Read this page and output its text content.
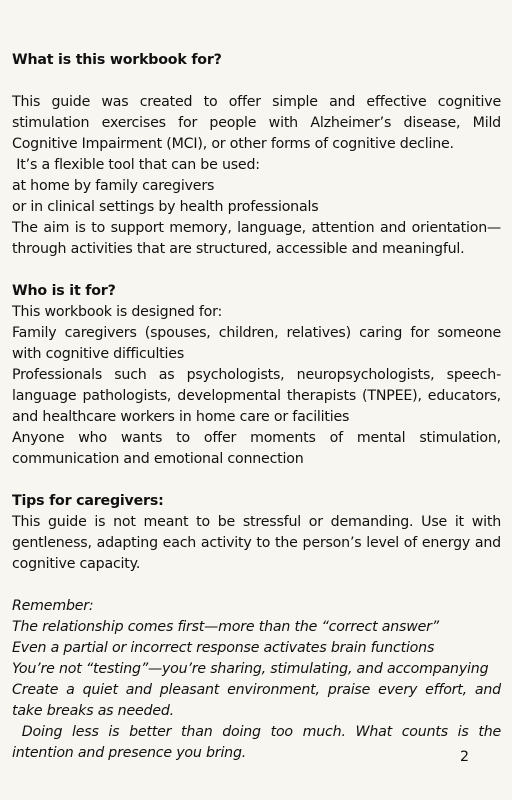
What is this workbook for?

This guide was created to offer simple and effective cognitive stimulation exercises for people with Alzheimer’s disease, Mild Cognitive Impairment (MCI), or other forms of cognitive decline.

It’s a flexible tool that can be used:

at home by family caregivers

or in clinical settings by health professionals

The aim is to support memory, language, attention and orientation—through activities that are structured, accessible and meaningful.

Who is it for?

This workbook is designed for:

Family caregivers (spouses, children, relatives) caring for someone with cognitive difficulties

Professionals such as psychologists, neuropsychologists, speech-language pathologists, developmental therapists (TNPEE), educators, and healthcare workers in home care or facilities

Anyone who wants to offer moments of mental stimulation, communication and emotional connection

Tips for caregivers:

This guide is not meant to be stressful or demanding. Use it with gentleness, adapting each activity to the person’s level of energy and cognitive capacity.

Remember:

The relationship comes first—more than the “correct answer”

Even a partial or incorrect response activates brain functions

You’re not “testing”—you’re sharing, stimulating, and accompanying

Create a quiet and pleasant environment, praise every effort, and take breaks as needed.

Doing less is better than doing too much. What counts is the intention and presence you bring.	2
